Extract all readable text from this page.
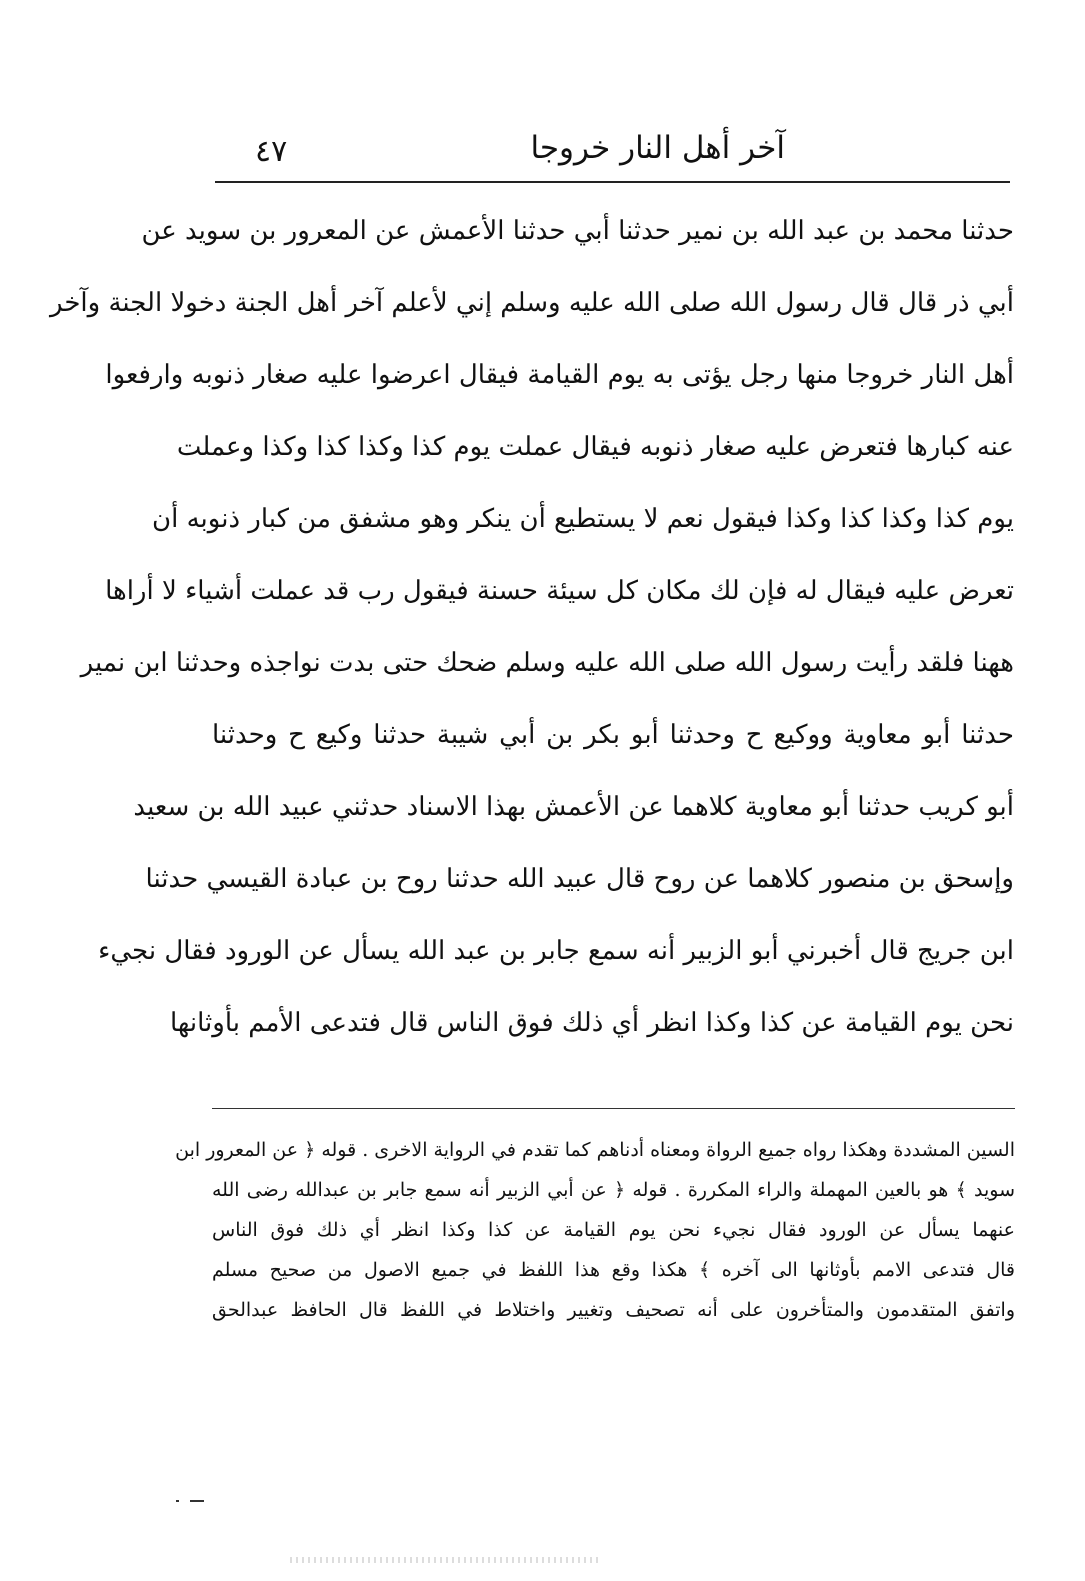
آخر أهل النار خروجا
٤٧
حدثنا محمد بن عبد الله بن نمير حدثنا أبي حدثنا الأعمش عن المعرور بن سويد عن
أبي ذر قال قال رسول الله صلى الله عليه وسلم إني لأعلم آخر أهل الجنة دخولا الجنة وآخر
أهل النار خروجا منها رجل يؤتى به يوم القيامة فيقال اعرضوا عليه صغار ذنوبه وارفعوا
عنه كبارها فتعرض عليه صغار ذنوبه فيقال عملت يوم كذا وكذا كذا وكذا وعملت
يوم كذا وكذا كذا وكذا فيقول نعم لا يستطيع أن ينكر وهو مشفق من كبار ذنوبه أن
تعرض عليه فيقال له فإن لك مكان كل سيئة حسنة فيقول رب قد عملت أشياء لا أراها
ههنا فلقد رأيت رسول الله صلى الله عليه وسلم ضحك حتى بدت نواجذه وحدثنا ابن نمير
حدثنا أبو معاوية ووكيع ح وحدثنا أبو بكر بن أبي شيبة حدثنا وكيع ح وحدثنا
أبو كريب حدثنا أبو معاوية كلاهما عن الأعمش بهذا الاسناد حدثني عبيد الله بن سعيد
وإسحق بن منصور كلاهما عن روح قال عبيد الله حدثنا روح بن عبادة القيسي حدثنا
ابن جريج قال أخبرني أبو الزبير أنه سمع جابر بن عبد الله يسأل عن الورود فقال نجيء
نحن يوم القيامة عن كذا وكذا انظر أي ذلك فوق الناس قال فتدعى الأمم بأوثانها
السين المشددة وهكذا رواه جميع الرواة ومعناه أدناهم كما تقدم في الرواية الاخرى . قوله ﴿ عن المعرور ابن
سويد ﴾ هو بالعين المهملة والراء المكررة . قوله ﴿ عن أبي الزبير أنه سمع جابر بن عبدالله رضى الله
عنهما يسأل عن الورود فقال نجيء نحن يوم القيامة عن كذا وكذا انظر أي ذلك فوق الناس
قال فتدعى الامم بأوثانها الى آخره ﴾ هكذا وقع هذا اللفظ في جميع الاصول من صحيح مسلم
واتفق المتقدمون والمتأخرون على أنه تصحيف وتغيير واختلاط في اللفظ قال الحافظ عبدالحق
